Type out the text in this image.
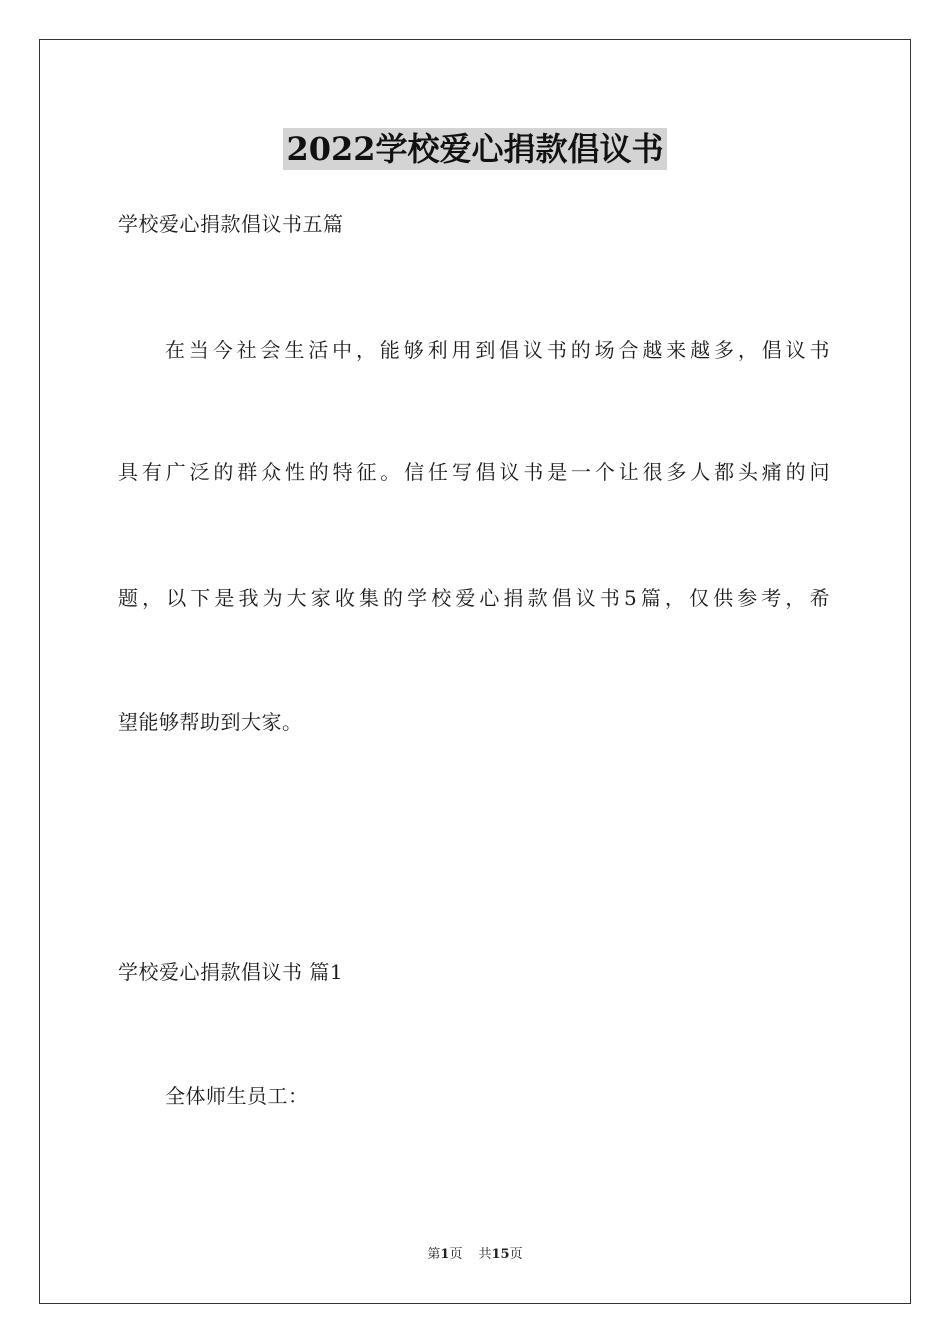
2022学校爱心捐款倡议书
学校爱心捐款倡议书五篇
在当今社会生活中，能够利用到倡议书的场合越来越多，倡议书
具有广泛的群众性的特征。信任写倡议书是一个让很多人都头痛的问
题，以下是我为大家收集的学校爱心捐款倡议书5篇，仅供参考，希
望能够帮助到大家。
学校爱心捐款倡议书 篇1
全体师生员工：
第1页 共15页
